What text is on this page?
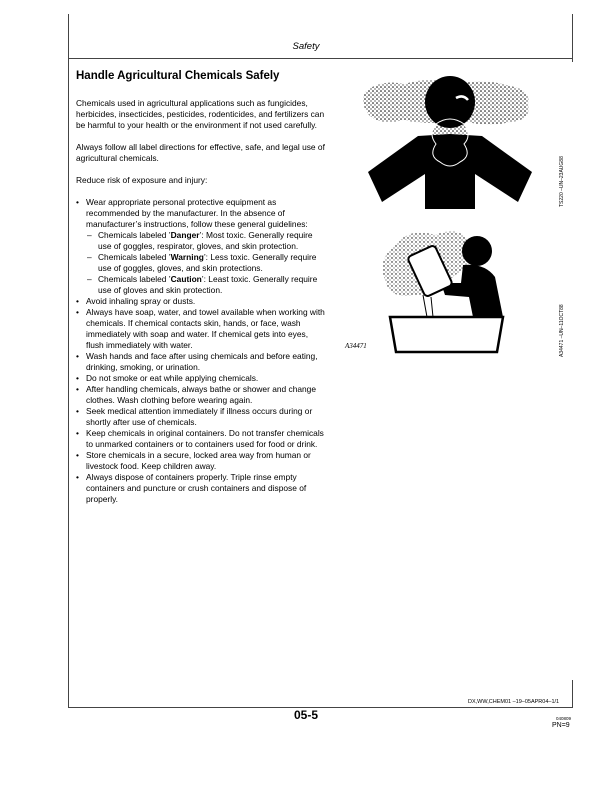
Safety
Handle Agricultural Chemicals Safely

Chemicals used in agricultural applications such as fungicides, herbicides, insecticides, pesticides, rodenticides, and fertilizers can be harmful to your health or the environment if not used carefully.

Always follow all label directions for effective, safe, and legal use of agricultural chemicals.

Reduce risk of exposure and injury:

• Wear appropriate personal protective equipment as recommended by the manufacturer. In the absence of manufacturer’s instructions, follow these general guidelines:
– Chemicals labeled ’Danger’: Most toxic. Generally require use of goggles, respirator, gloves, and skin protection.
– Chemicals labeled ’Warning’: Less toxic. Generally require use of goggles, gloves, and skin protections.
– Chemicals labeled ’Caution’: Least toxic. Generally require use of gloves and skin protection.
• Avoid inhaling spray or dusts.
• Always have soap, water, and towel available when working with chemicals. If chemical contacts skin, hands, or face, wash immediately with soap and water. If chemical gets into eyes, flush immediately with water.
• Wash hands and face after using chemicals and before eating, drinking, smoking, or urination.
• Do not smoke or eat while applying chemicals.
• After handling chemicals, always bathe or shower and change clothes. Wash clothing before wearing again.
• Seek medical attention immediately if illness occurs during or shortly after use of chemicals.
• Keep chemicals in original containers. Do not transfer chemicals to unmarked containers or to containers used for food or drink.
• Store chemicals in a secure, locked area way from human or livestock food. Keep children away.
• Always dispose of containers properly. Triple rinse empty containers and puncture or crush containers and dispose of properly.
TS220 –UN–23AUG88
A34471	A34471 –UN–11OCT88
DX,WW,CHEM01 –19–05APR04–1/1
05-5	040809
PN=9
